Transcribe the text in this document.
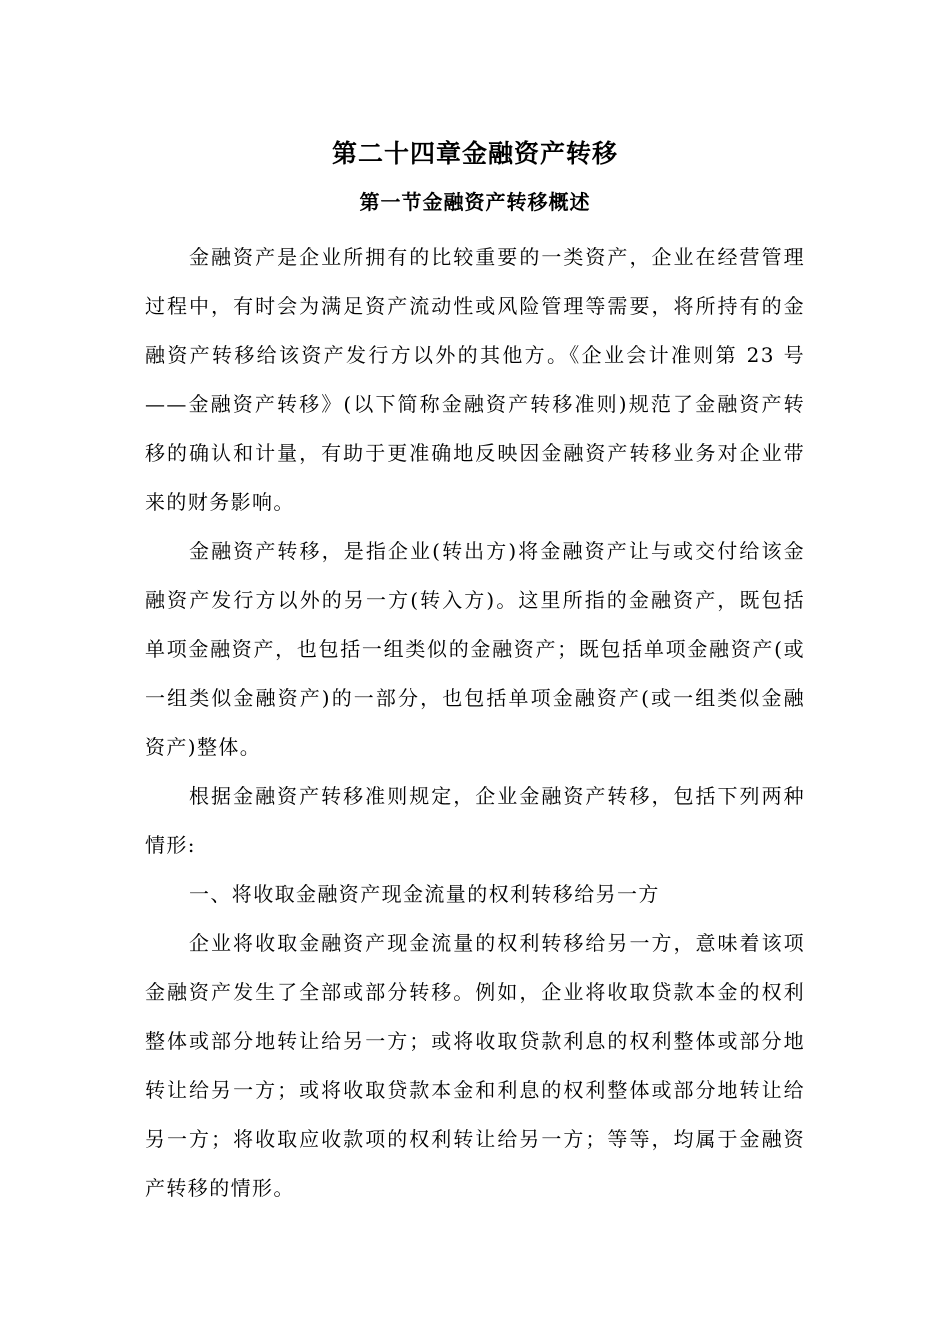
第二十四章金融资产转移
第一节金融资产转移概述

金融资产是企业所拥有的比较重要的一类资产，企业在经营管理过程中，有时会为满足资产流动性或风险管理等需要，将所持有的金融资产转移给该资产发行方以外的其他方。《企业会计准则第 23 号——金融资产转移》(以下简称金融资产转移准则)规范了金融资产转移的确认和计量，有助于更准确地反映因金融资产转移业务对企业带来的财务影响。

金融资产转移，是指企业(转出方)将金融资产让与或交付给该金融资产发行方以外的另一方(转入方)。这里所指的金融资产，既包括单项金融资产，也包括一组类似的金融资产；既包括单项金融资产(或一组类似金融资产)的一部分，也包括单项金融资产(或一组类似金融资产)整体。

根据金融资产转移准则规定，企业金融资产转移，包括下列两种情形:

一、将收取金融资产现金流量的权利转移给另一方

企业将收取金融资产现金流量的权利转移给另一方，意味着该项金融资产发生了全部或部分转移。例如，企业将收取贷款本金的权利整体或部分地转让给另一方；或将收取贷款利息的权利整体或部分地转让给另一方；或将收取贷款本金和利息的权利整体或部分地转让给另一方；将收取应收款项的权利转让给另一方；等等，均属于金融资产转移的情形。
